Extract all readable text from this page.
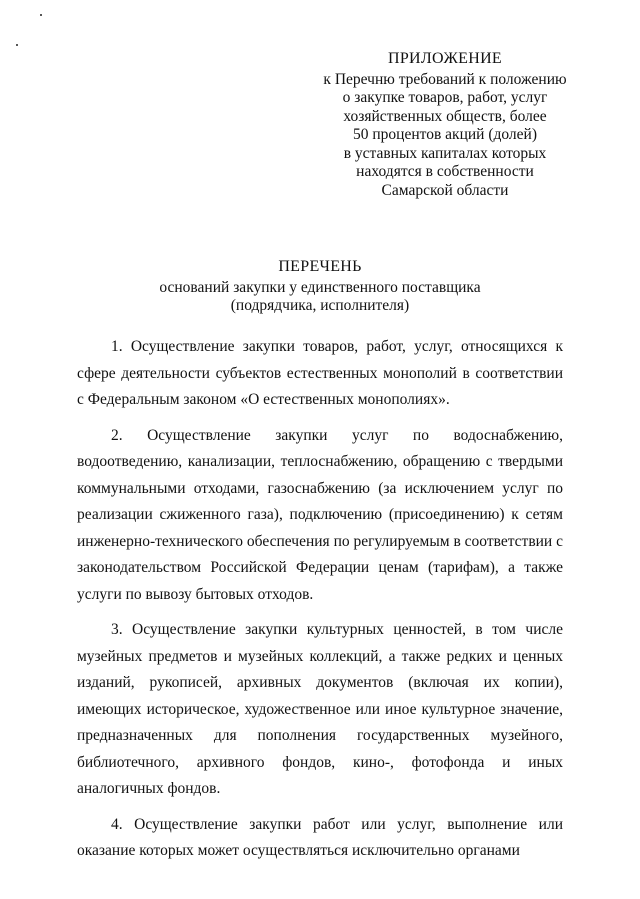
ПРИЛОЖЕНИЕ
к Перечню требований к положению
о закупке товаров, работ, услуг
хозяйственных обществ, более
50 процентов акций (долей)
в уставных капиталах которых
находятся в собственности
Самарской области
ПЕРЕЧЕНЬ
оснований закупки у единственного поставщика
(подрядчика, исполнителя)

1. Осуществление закупки товаров, работ, услуг, относящихся к сфере деятельности субъектов естественных монополий в соответствии с Федеральным законом «О естественных монополиях».

2. Осуществление закупки услуг по водоснабжению, водоотведению, канализации, теплоснабжению, обращению с твердыми коммунальными отходами, газоснабжению (за исключением услуг по реализации сжиженного газа), подключению (присоединению) к сетям инженерно-технического обеспечения по регулируемым в соответствии с законодательством Российской Федерации ценам (тарифам), а также услуги по вывозу бытовых отходов.

3. Осуществление закупки культурных ценностей, в том числе музейных предметов и музейных коллекций, а также редких и ценных изданий, рукописей, архивных документов (включая их копии), имеющих историческое, художественное или иное культурное значение, предназначенных для пополнения государственных музейного, библиотечного, архивного фондов, кино-, фотофонда и иных аналогичных фондов.

4. Осуществление закупки работ или услуг, выполнение или оказание которых может осуществляться исключительно органами
